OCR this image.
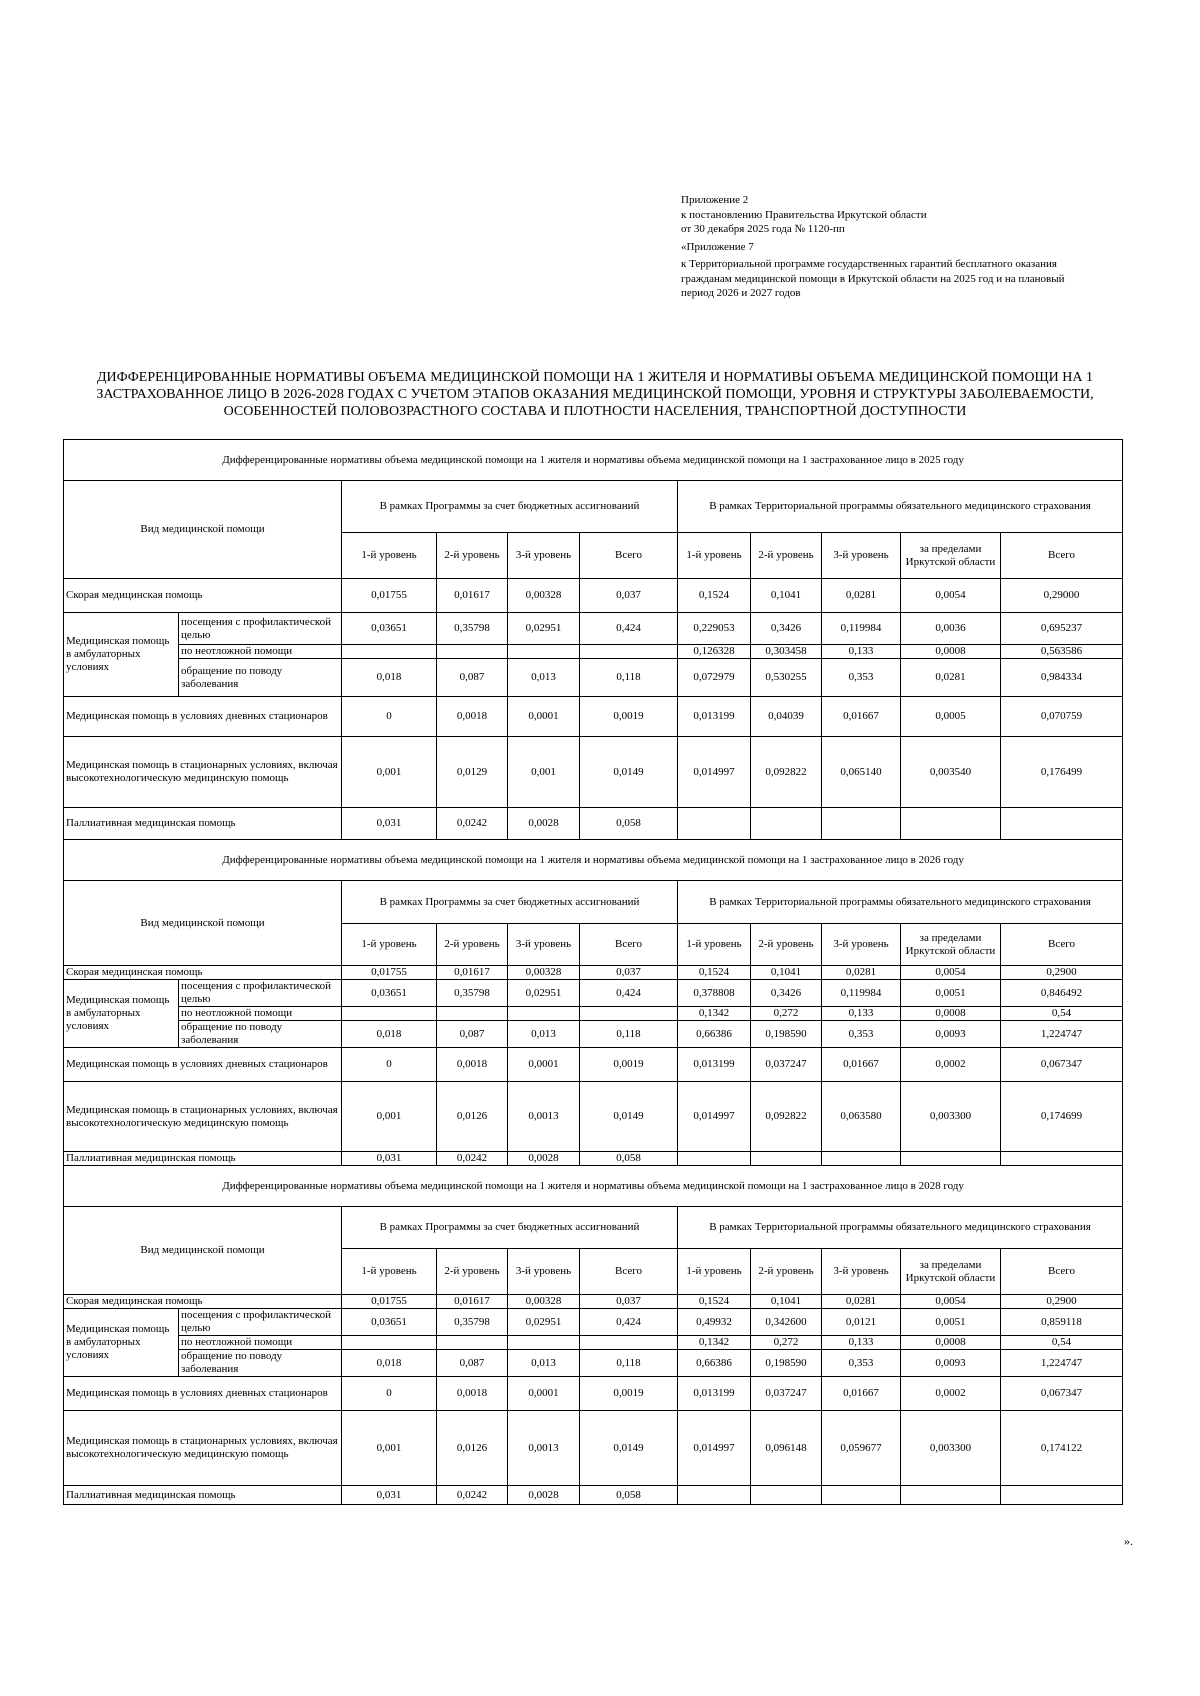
Приложение 2
к постановлению Правительства Иркутской области
от 30 декабря 2025 года № 1120-пп
«Приложение 7
к Территориальной программе государственных гарантий бесплатного оказания
гражданам медицинской помощи в Иркутской области на 2025 год и на плановый
период 2026 и 2027 годов
ДИФФЕРЕНЦИРОВАННЫЕ НОРМАТИВЫ ОБЪЕМА МЕДИЦИНСКОЙ ПОМОЩИ НА 1 ЖИТЕЛЯ И НОРМАТИВЫ ОБЪЕМА МЕДИЦИНСКОЙ ПОМОЩИ НА 1
ЗАСТРАХОВАННОЕ ЛИЦО В 2026-2028 ГОДАХ С УЧЕТОМ ЭТАПОВ ОКАЗАНИЯ МЕДИЦИНСКОЙ ПОМОЩИ, УРОВНЯ И СТРУКТУРЫ ЗАБОЛЕВАЕМОСТИ,
ОСОБЕННОСТЕЙ ПОЛОВОЗРАСТНОГО СОСТАВА И ПЛОТНОСТИ НАСЕЛЕНИЯ, ТРАНСПОРТНОЙ ДОСТУПНОСТИ
Дифференцированные нормативы объема медицинской помощи на 1 жителя и нормативы объема медицинской помощи на 1 застрахованное лицо в 2025 году										
Вид медицинской помощи		В рамках Программы за счет бюджетных ассигнований				В рамках Территориальной программы обязательного медицинского страхования				
		1-й уровень	2-й уровень	3-й уровень	Всего	1-й уровень	2-й уровень	3-й уровень	за пределами Иркутской области	Всего
Скорая медицинская помощь		0,01755	0,01617	0,00328	0,037	0,1524	0,1041	0,0281	0,0054	0,29000
Медицинская помощь в амбулаторных условиях	посещения с профилактической целью	0,03651	0,35798	0,02951	0,424	0,229053	0,3426	0,119984	0,0036	0,695237
	по неотложной помощи					0,126328	0,303458	0,133	0,0008	0,563586
	обращение по поводу заболевания	0,018	0,087	0,013	0,118	0,072979	0,530255	0,353	0,0281	0,984334
Медицинская помощь в условиях дневных стационаров		0	0,0018	0,0001	0,0019	0,013199	0,04039	0,01667	0,0005	0,070759
Медицинская помощь в стационарных условиях, включая высокотехнологическую медицинскую помощь		0,001	0,0129	0,001	0,0149	0,014997	0,092822	0,065140	0,003540	0,176499
Паллиативная медицинская помощь		0,031	0,0242	0,0028	0,058					
Дифференцированные нормативы объема медицинской помощи на 1 жителя и нормативы объема медицинской помощи на 1 застрахованное лицо в 2026 году										
Вид медицинской помощи		В рамках Программы за счет бюджетных ассигнований				В рамках Территориальной программы обязательного медицинского страхования				
		1-й уровень	2-й уровень	3-й уровень	Всего	1-й уровень	2-й уровень	3-й уровень	за пределами Иркутской области	Всего
Скорая медицинская помощь		0,01755	0,01617	0,00328	0,037	0,1524	0,1041	0,0281	0,0054	0,2900
Медицинская помощь в амбулаторных условиях	посещения с профилактической целью	0,03651	0,35798	0,02951	0,424	0,378808	0,3426	0,119984	0,0051	0,846492
	по неотложной помощи					0,1342	0,272	0,133	0,0008	0,54
	обращение по поводу заболевания	0,018	0,087	0,013	0,118	0,66386	0,198590	0,353	0,0093	1,224747
Медицинская помощь в условиях дневных стационаров		0	0,0018	0,0001	0,0019	0,013199	0,037247	0,01667	0,0002	0,067347
Медицинская помощь в стационарных условиях, включая высокотехнологическую медицинскую помощь		0,001	0,0126	0,0013	0,0149	0,014997	0,092822	0,063580	0,003300	0,174699
Паллиативная медицинская помощь		0,031	0,0242	0,0028	0,058					
Дифференцированные нормативы объема медицинской помощи на 1 жителя и нормативы объема медицинской помощи на 1 застрахованное лицо в 2028 году										
Вид медицинской помощи		В рамках Программы за счет бюджетных ассигнований				В рамках Территориальной программы обязательного медицинского страхования				
		1-й уровень	2-й уровень	3-й уровень	Всего	1-й уровень	2-й уровень	3-й уровень	за пределами Иркутской области	Всего
Скорая медицинская помощь		0,01755	0,01617	0,00328	0,037	0,1524	0,1041	0,0281	0,0054	0,2900
Медицинская помощь в амбулаторных условиях	посещения с профилактической целью	0,03651	0,35798	0,02951	0,424	0,49932	0,342600	0,0121	0,0051	0,859118
	по неотложной помощи					0,1342	0,272	0,133	0,0008	0,54
	обращение по поводу заболевания	0,018	0,087	0,013	0,118	0,66386	0,198590	0,353	0,0093	1,224747
Медицинская помощь в условиях дневных стационаров		0	0,0018	0,0001	0,0019	0,013199	0,037247	0,01667	0,0002	0,067347
Медицинская помощь в стационарных условиях, включая высокотехнологическую медицинскую помощь		0,001	0,0126	0,0013	0,0149	0,014997	0,096148	0,059677	0,003300	0,174122
Паллиативная медицинская помощь		0,031	0,0242	0,0028	0,058					
».
